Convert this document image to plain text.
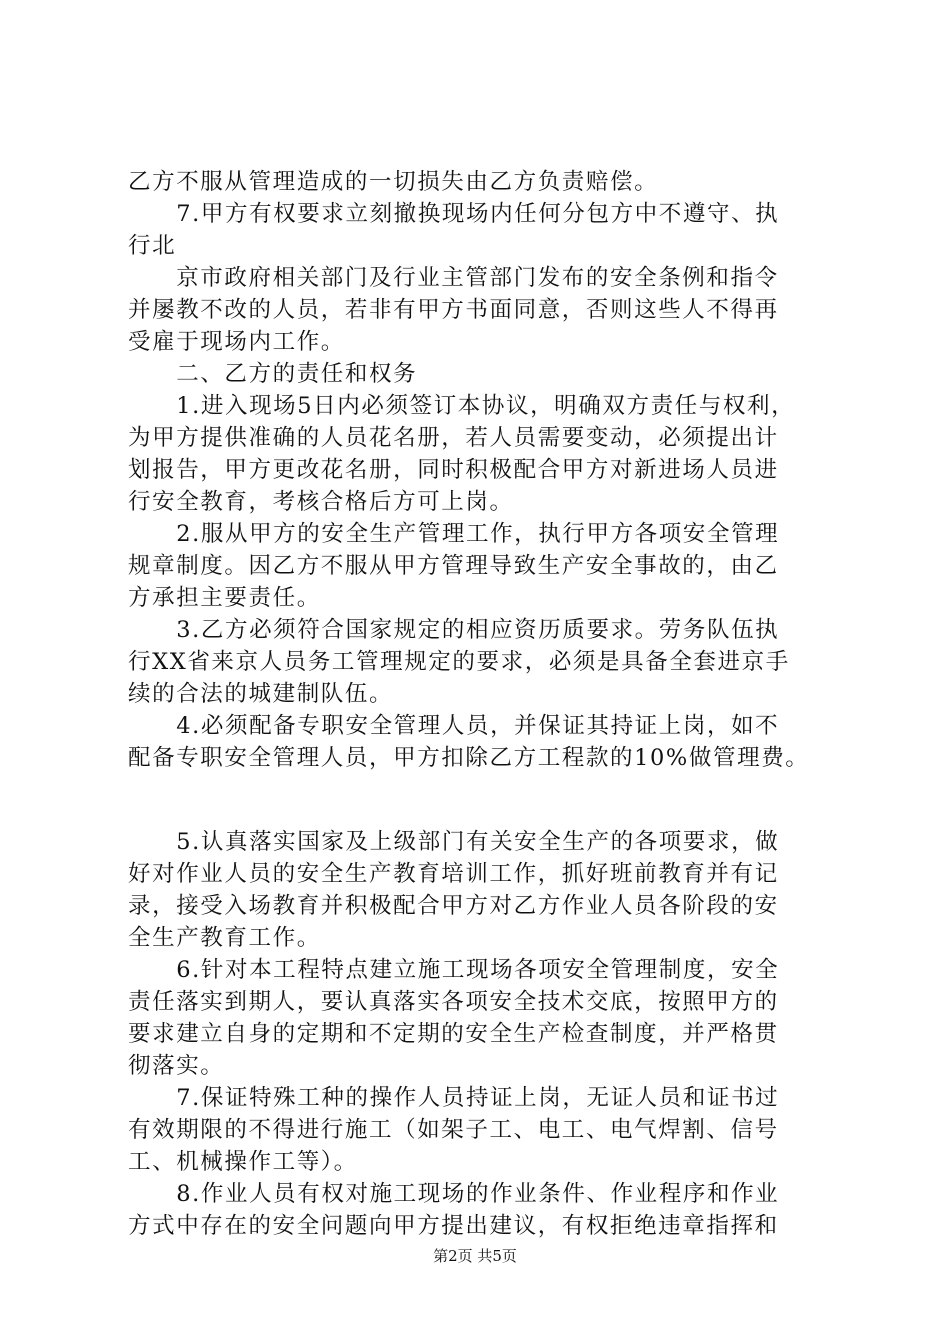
乙方不服从管理造成的一切损失由乙方负责赔偿。
　　7.甲方有权要求立刻撤换现场内任何分包方中不遵守、执
行北
　　京市政府相关部门及行业主管部门发布的安全条例和指令
并屡教不改的人员，若非有甲方书面同意，否则这些人不得再
受雇于现场内工作。
　　二、乙方的责任和权务
　　1.进入现场5日内必须签订本协议，明确双方责任与权利，
为甲方提供准确的人员花名册，若人员需要变动，必须提出计
划报告，甲方更改花名册，同时积极配合甲方对新进场人员进
行安全教育，考核合格后方可上岗。
　　2.服从甲方的安全生产管理工作，执行甲方各项安全管理
规章制度。因乙方不服从甲方管理导致生产安全事故的，由乙
方承担主要责任。
　　3.乙方必须符合国家规定的相应资历质要求。劳务队伍执
行XX省来京人员务工管理规定的要求，必须是具备全套进京手
续的合法的城建制队伍。
　　4.必须配备专职安全管理人员，并保证其持证上岗，如不
配备专职安全管理人员，甲方扣除乙方工程款的10%做管理费。
　　5.认真落实国家及上级部门有关安全生产的各项要求，做
好对作业人员的安全生产教育培训工作，抓好班前教育并有记
录，接受入场教育并积极配合甲方对乙方作业人员各阶段的安
全生产教育工作。
　　6.针对本工程特点建立施工现场各项安全管理制度，安全
责任落实到期人，要认真落实各项安全技术交底，按照甲方的
要求建立自身的定期和不定期的安全生产检查制度，并严格贯
彻落实。
　　7.保证特殊工种的操作人员持证上岗，无证人员和证书过
有效期限的不得进行施工（如架子工、电工、电气焊割、信号
工、机械操作工等）。
　　8.作业人员有权对施工现场的作业条件、作业程序和作业
方式中存在的安全问题向甲方提出建议，有权拒绝违章指挥和
第2页 共5页
